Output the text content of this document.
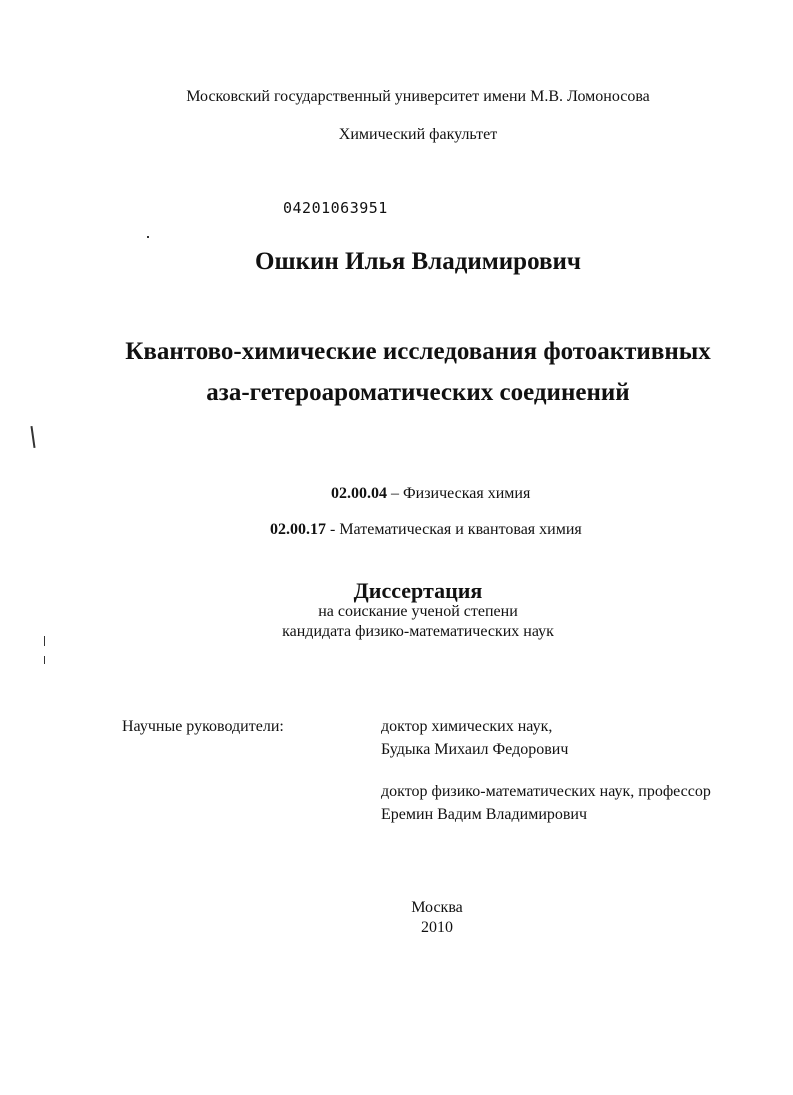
Московский государственный университет имени М.В. Ломоносова
Химический факультет
04201063951
Ошкин Илья Владимирович
Квантово-химические исследования фотоактивных
аза-гетероароматических соединений
02.00.04 – Физическая химия
02.00.17 - Математическая и квантовая химия
Диссертация
на соискание ученой степени
кандидата физико-математических наук
Научные руководители:	доктор химических наук,
Будыка Михаил Федорович
доктор физико-математических наук, профессор
Еремин Вадим Владимирович
Москва
2010
